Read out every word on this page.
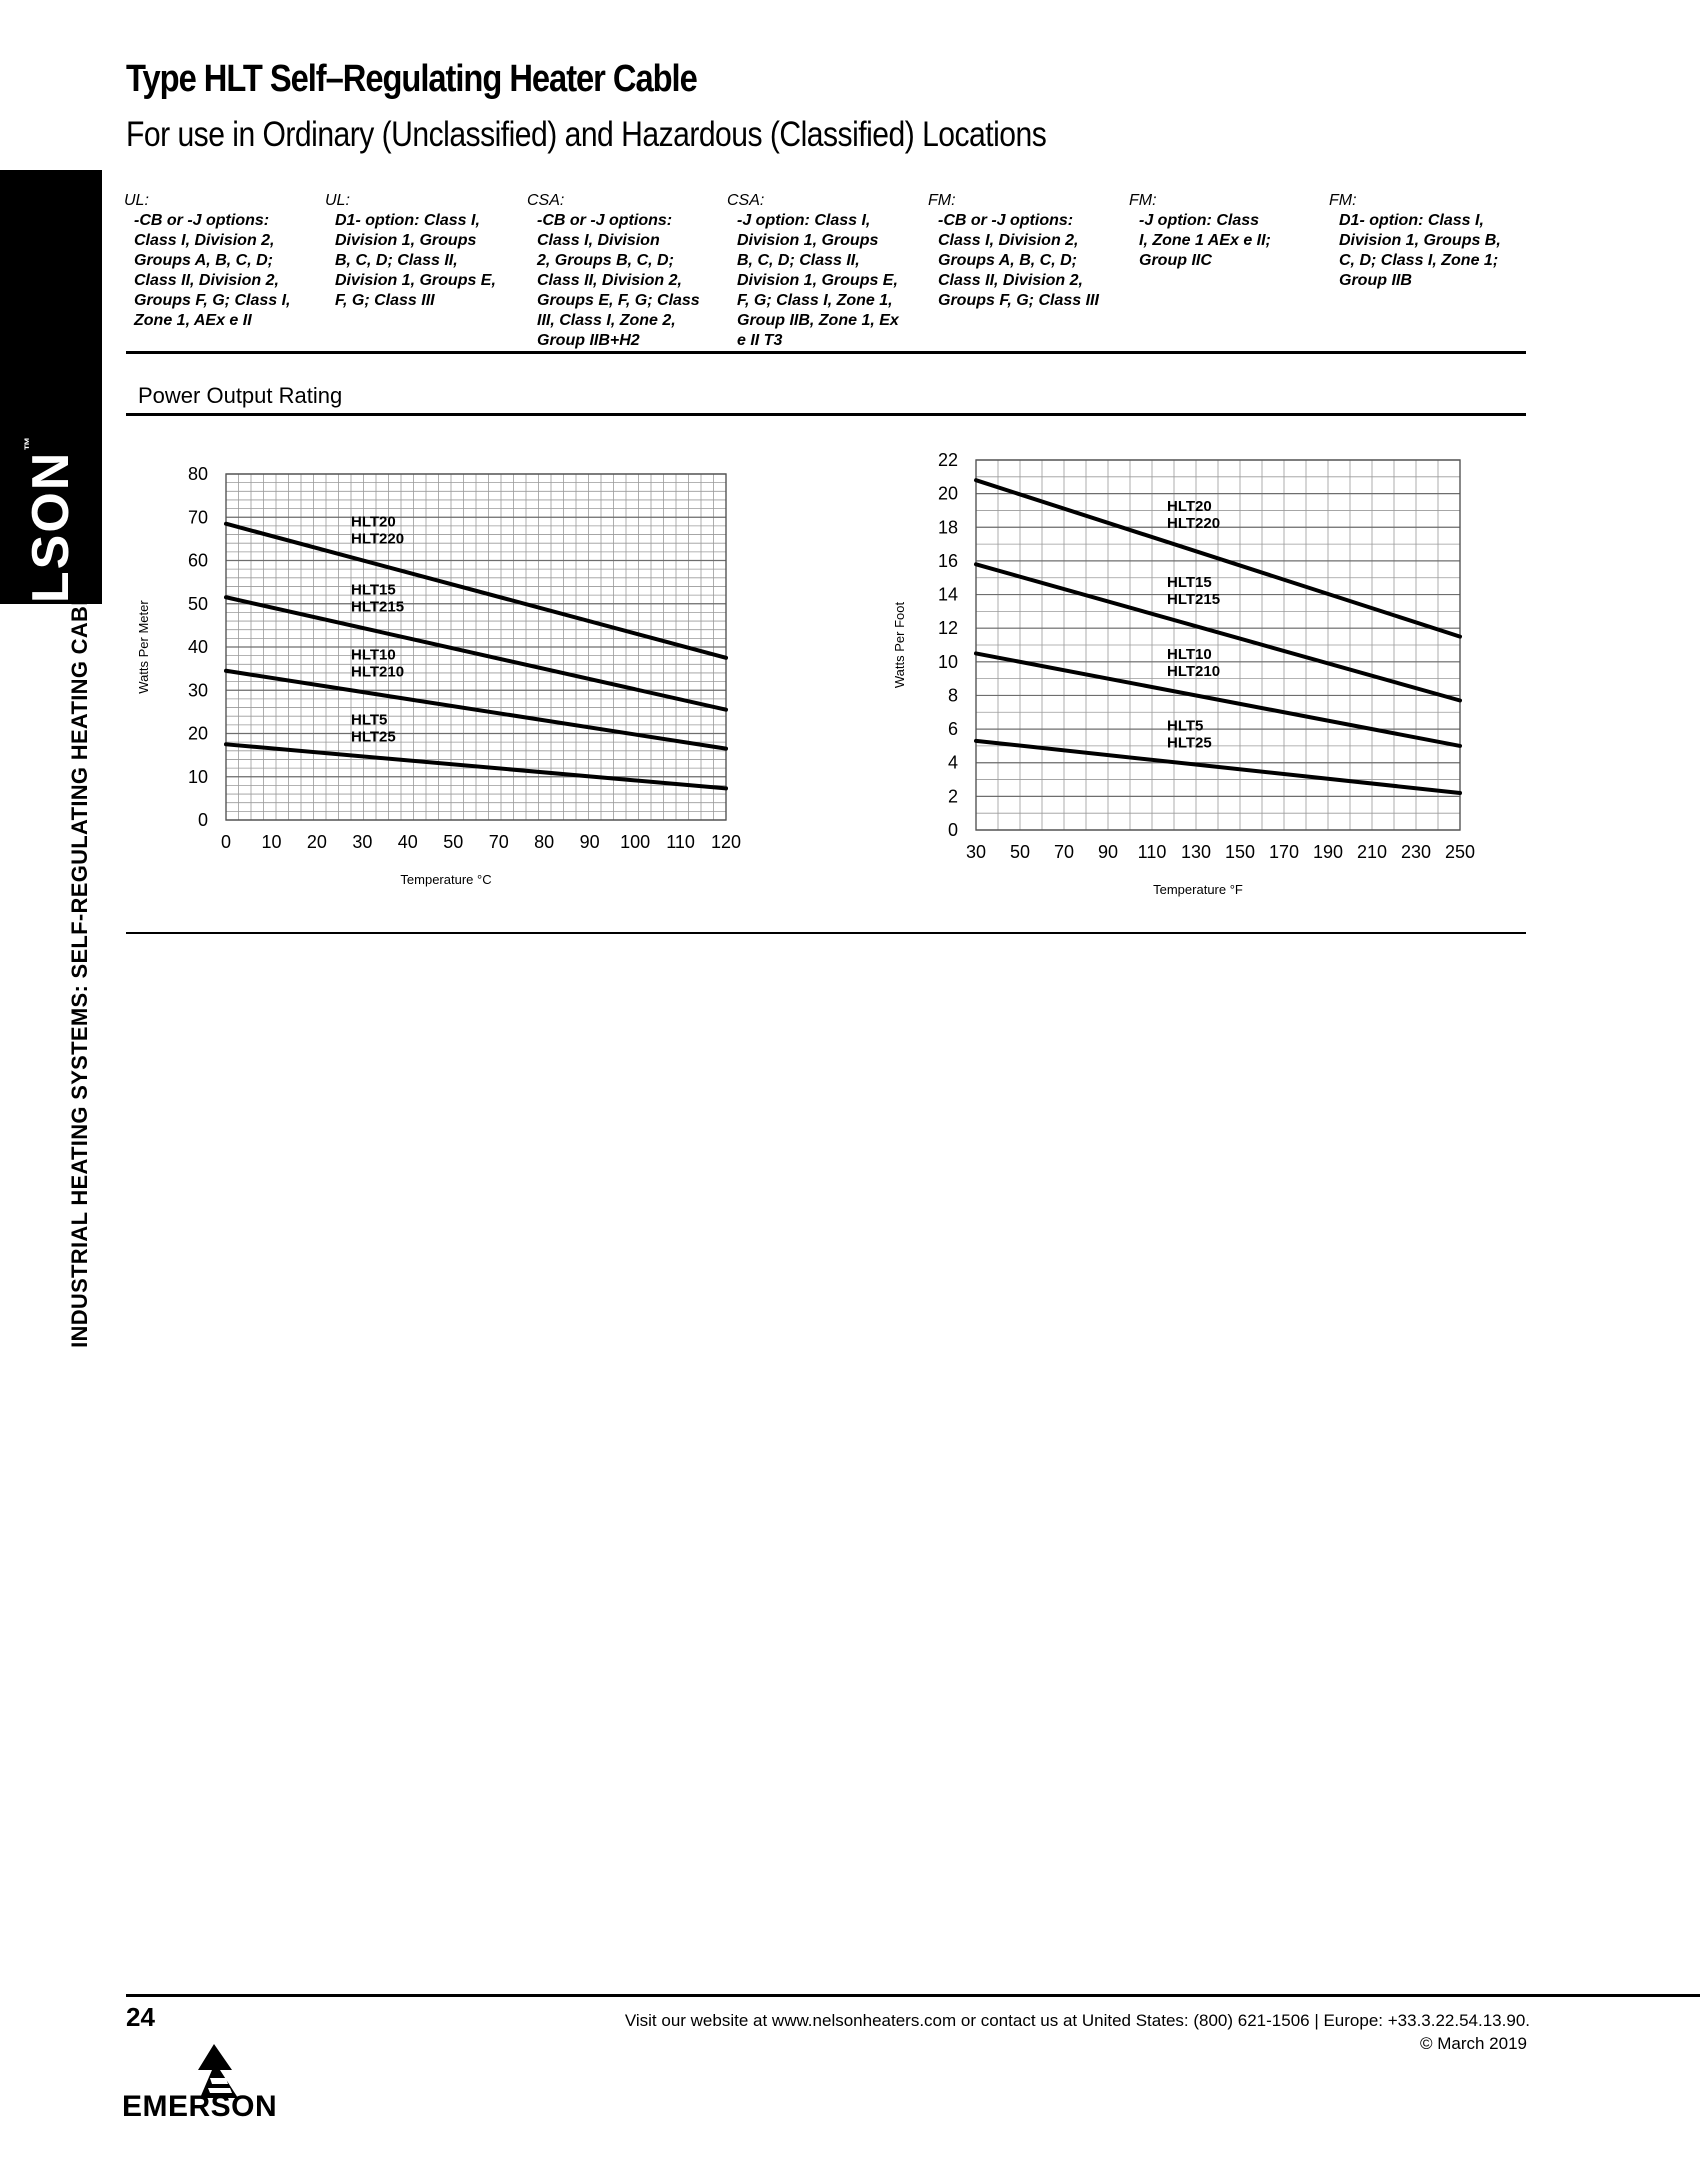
NELSON™
INDUSTRIAL HEATING SYSTEMS: SELF-REGULATING HEATING CABLES
Type HLT Self–Regulating Heater Cable
For use in Ordinary (Unclassified) and Hazardous (Classified) Locations
UL:
-CB or -J options:
Class I, Division 2,
Groups A, B, C, D;
Class II, Division 2,
Groups F, G; Class I,
Zone 1, AEx e II
UL:
D1- option: Class I,
Division 1, Groups
B, C, D; Class II,
Division 1, Groups E,
F, G; Class III
CSA:
-CB or -J options:
Class I, Division
2, Groups B, C, D;
Class II, Division 2,
Groups E, F, G; Class
III, Class I, Zone 2,
Group IIB+H2
CSA:
-J option: Class I,
Division 1, Groups
B, C, D; Class II,
Division 1, Groups E,
F, G; Class I, Zone 1,
Group IIB, Zone 1, Ex
e II T3
FM:
-CB or -J options:
Class I, Division 2,
Groups A, B, C, D;
Class II, Division 2,
Groups F, G; Class III
FM:
-J option: Class
I, Zone 1 AEx e II;
Group IIC
FM:
D1- option: Class I,
Division 1, Groups B,
C, D; Class I, Zone 1;
Group IIB
Power Output Rating
0 10 20 30 40 50 70 80 90 100 110 120
0
10
20
30
40
50
60
70
80
Temperature °C
Watts Per Meter
HLT20
HLT220
HLT15
HLT215
HLT10
HLT210
HLT5
HLT25
30 50 70 90 110 130 150 170 190 210 230 250
0
2
4
6
8
10
12
14
16
18
20
22
Temperature °F
Watts Per Foot
HLT20
HLT220
HLT15
HLT215
HLT10
HLT210
HLT5
HLT25
24	Visit our website at www.nelsonheaters.com or contact us at United States: (800) 621-1506 | Europe: +33.3.22.54.13.90.
© March 2019
EMERSON
